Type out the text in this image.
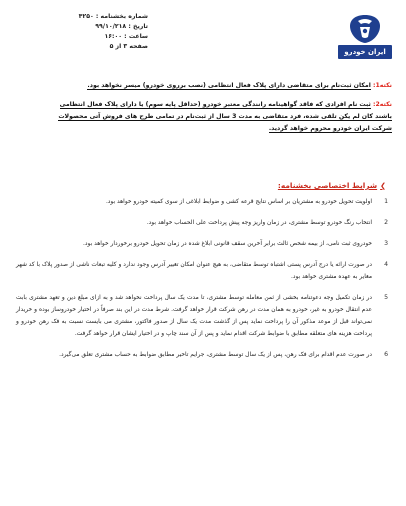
شماره بخشنامه : ۴۲۵۰
تاریخ : ۹۹/۱۰/۲۱۸
ساعت : ۱۶:۰۰
صفحه ۳ از ۵
ایران خودرو
نکته1: امکان ثبت‌نام برای متقاضی دارای پلاک فعال انتظامی (نصب برروی خودرو) میسر نخواهد بود.
نکته2: ثبت نام افرادی که فاقد گواهینامه رانندگی معتبر خودرو (حداقل پایه سوم) یا دارای پلاک فعال انتظامی
باشند کان لم یکن تلقی شده، فرد متقاضی به مدت 3 سال از ثبت‌نام در تمامی طرح های فروش آتی محصولات
شرکت ایران خودرو محروم خواهد گردید.
❯شرایط اختصاصی بخشنامه:
1
اولویت تحویل خودرو به مشتریان بر اساس نتایج قرعه کشی و ضوابط ابلاغی از سوی کمیته خودرو خواهد بود.
2
انتخاب رنگ خودرو توسط مشتری، در زمان واریز وجه پیش پرداخت علی الحساب خواهد بود.
3
خودروی ثبت نامی، از بیمه شخص ثالث برابر آخرین سقف قانونی ابلاغ شده در زمان تحویل خودرو برخوردار خواهد بود.
4
در صورت ارائه یا درج آدرس پستی اشتباه توسط متقاضی، به هیچ عنوان امکان تغییر آدرس وجود ندارد و کلیه تبعات ناشی از صدور پلاک با کد شهر مغایر به عهده مشتری خواهد بود.
5
در زمان تکمیل وجه دعوتنامه بخشی از ثمن معامله توسط مشتری، تا مدت یک سال پرداخت نخواهد شد و به ازای مبلغ دین و تعهد مشتری بابت عدم انتقال خودرو به غیر، خودرو به همان مدت در رهن شرکت قرار خواهد گرفت. شرط مدت در این بند صرفاً در اختیار خودروساز بوده و خریدار نمی‌تواند قبل از موعد مذکور آن را پرداخت نماید پس از گذشت مدت یک سال از صدور فاکتور، مشتری می بایست نسبت به فک رهن خودرو و پرداخت هزینه های متعلقه مطابق با ضوابط شرکت اقدام نماید و پس از آن سند چاپ و در اختیار ایشان قرار خواهد گرفت.
6
در صورت عدم اقدام برای فک رهن، پس از یک سال توسط مشتری، جرایم تاخیر مطابق ضوابط به حساب مشتری تعلق می‌گیرد.
